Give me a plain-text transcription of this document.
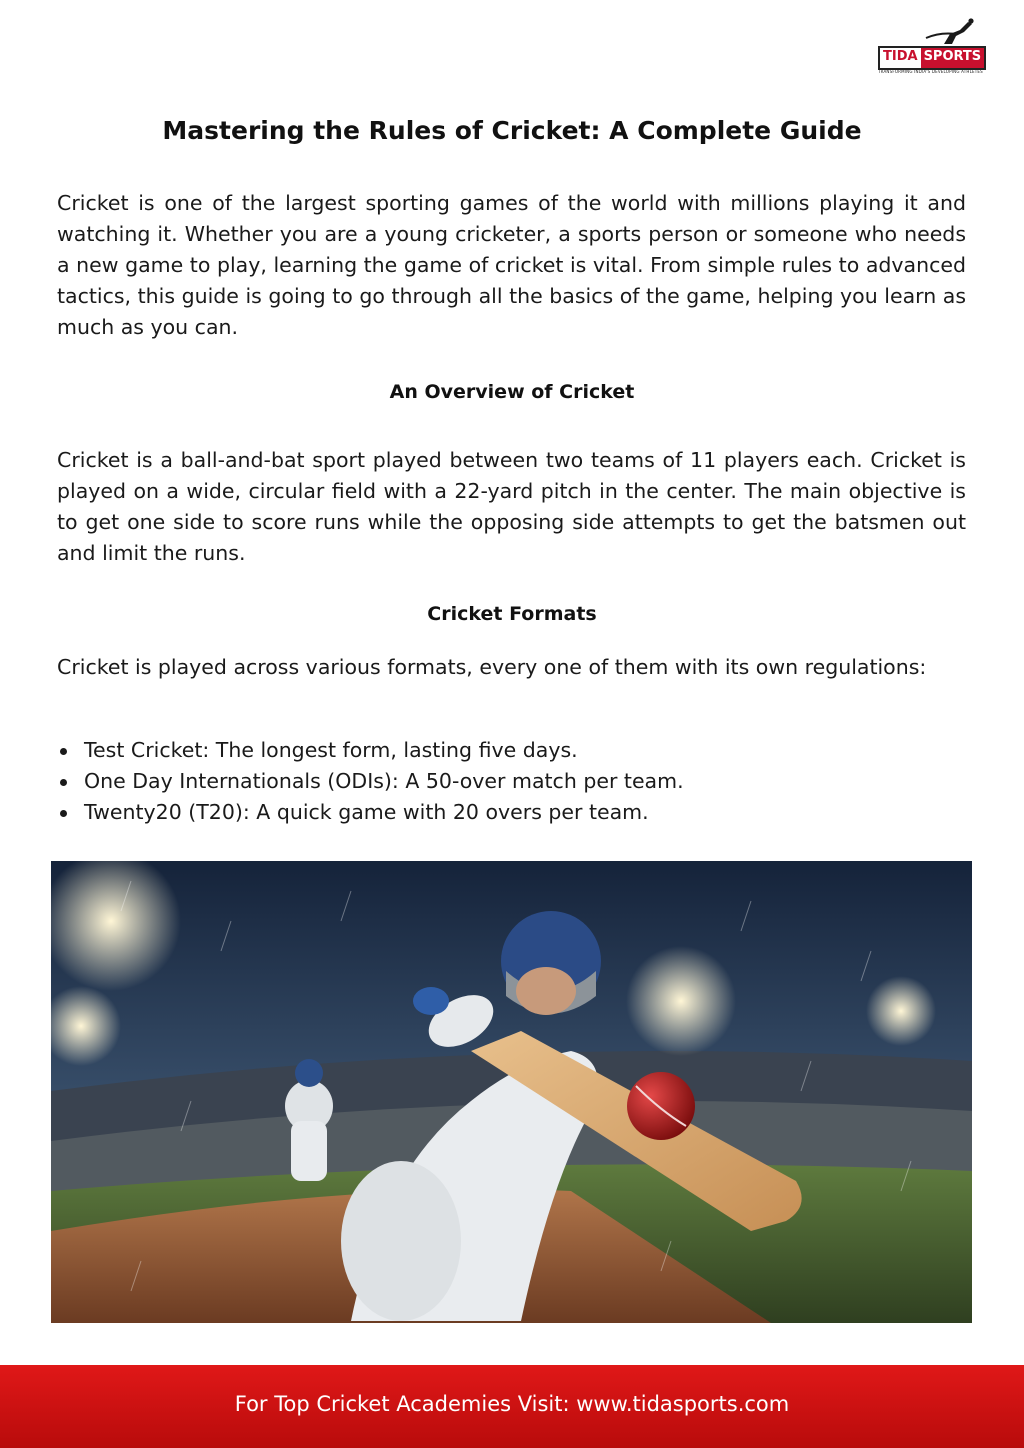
TIDA SPORTS
TRANSFORMING INDIA'S DEVELOPING ATHLETES
Mastering the Rules of Cricket: A Complete Guide

Cricket is one of the largest sporting games of the world with millions playing it and watching it. Whether you are a young cricketer, a sports person or someone who needs a new game to play, learning the game of cricket is vital. From simple rules to advanced tactics, this guide is going to go through all the basics of the game, helping you learn as much as you can.

An Overview of Cricket

Cricket is a ball-and-bat sport played between two teams of 11 players each. Cricket is played on a wide, circular field with a 22-yard pitch in the center. The main objective is to get one side to score runs while the opposing side attempts to get the batsmen out and limit the runs.

Cricket Formats

Cricket is played across various formats, every one of them with its own regulations:

Test Cricket: The longest form, lasting five days.
One Day Internationals (ODIs): A 50-over match per team.
Twenty20 (T20): A quick game with 20 overs per team.
For Top Cricket Academies Visit: www.tidasports.com
